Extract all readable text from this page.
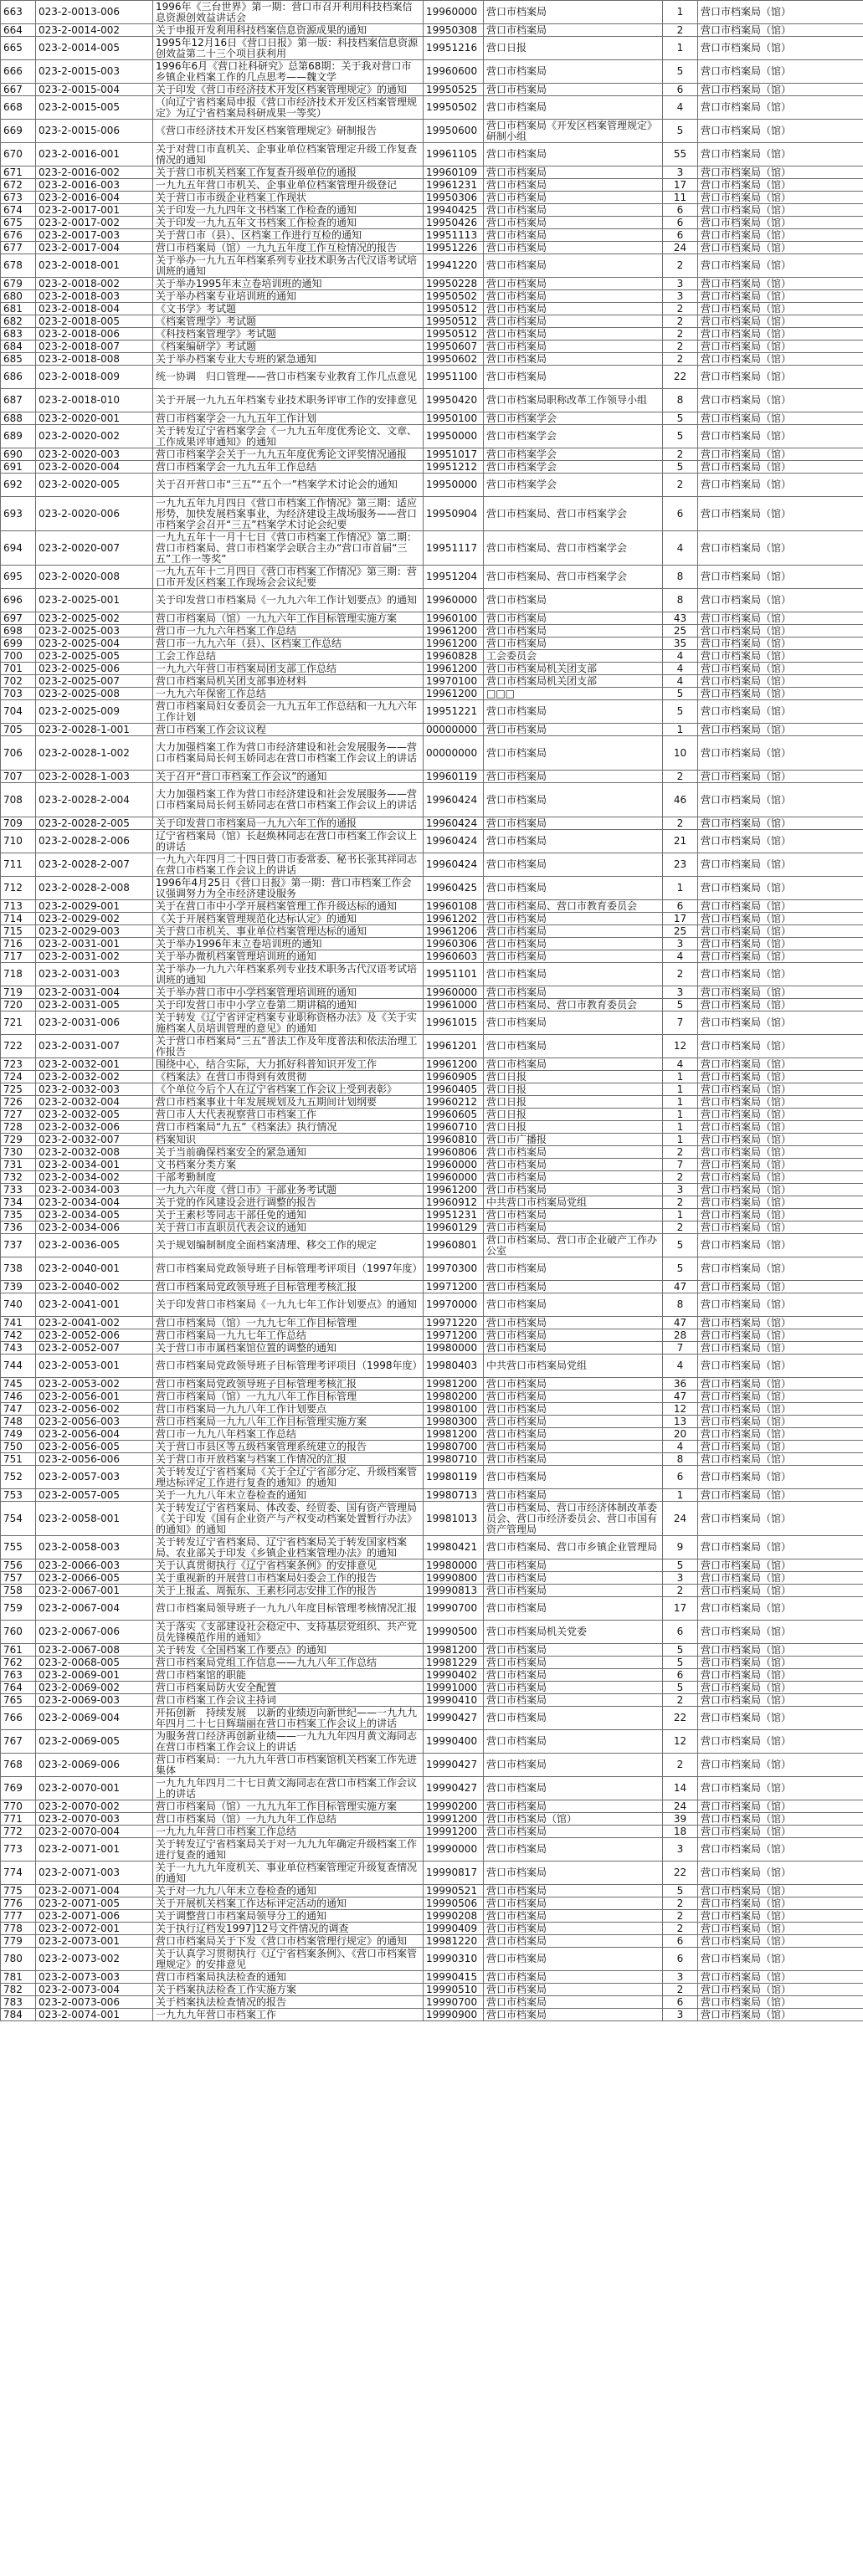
663	023-2-0013-006	1996年《三台世界》第一期：营口市召开利用科技档案信息资源创效益讲话会	19960000	营口市档案局	1	营口市档案局（馆）
664	023-2-0014-002	关于申报开发利用科技档案信息资源成果的通知	19950308	营口市档案局	2	营口市档案局（馆）
665	023-2-0014-005	1995年12月16日《营口日报》第一版：科技档案信息资源创效益第二十三个项目获利用	19951216	营口日报	1	营口市档案局（馆）
666	023-2-0015-003	1996年6月《营口社科研究》总第68期：关于我对营口市乡镇企业档案工作的几点思考——魏文学	19960600	营口市档案局	5	营口市档案局（馆）
667	023-2-0015-004	关于印发《营口市经济技术开发区档案管理规定》的通知	19950525	营口市档案局	6	营口市档案局（馆）
668	023-2-0015-005	（向辽宁省档案局申报《营口市经济技术开发区档案管理规定》为辽宁省档案局科研成果一等奖）	19950502	营口市档案局	4	营口市档案局（馆）
669	023-2-0015-006	《营口市经济技术开发区档案管理规定》研制报告	19950600	营口市档案局《开发区档案管理规定》研制小组	5	营口市档案局（馆）
670	023-2-0016-001	关于对营口市直机关、企事业单位档案管理定升级工作复查情况的通知	19961105	营口市档案局	55	营口市档案局（馆）
671	023-2-0016-002	关于营口市机关档案工作复查升级单位的通报	19960109	营口市档案局	3	营口市档案局（馆）
672	023-2-0016-003	一九九五年营口市机关、企事业单位档案管理升级登记	19961231	营口市档案局	17	营口市档案局（馆）
673	023-2-0016-004	关于营口市市级企业档案工作现状	19950306	营口市档案局	11	营口市档案局（馆）
674	023-2-0017-001	关于印发一九九四年文书档案工作检查的通知	19940425	营口市档案局	6	营口市档案局（馆）
675	023-2-0017-002	关于印发一九九五年文书档案工作检查的通知	19950426	营口市档案局	6	营口市档案局（馆）
676	023-2-0017-003	关于营口市（县）、区档案工作进行互检的通知	19951113	营口市档案局	6	营口市档案局（馆）
677	023-2-0017-004	营口市档案局（馆）一九九五年度工作互检情况的报告	19951226	营口市档案局	24	营口市档案局（馆）
678	023-2-0018-001	关于举办一九九五年档案系列专业技术职务古代汉语考试培训班的通知	19941220	营口市档案局	2	营口市档案局（馆）
679	023-2-0018-002	关于举办1995年末立卷培训班的通知	19950228	营口市档案局	3	营口市档案局（馆）
680	023-2-0018-003	关于举办档案专业培训班的通知	19950502	营口市档案局	3	营口市档案局（馆）
681	023-2-0018-004	《文书学》考试题	19950512	营口市档案局	2	营口市档案局（馆）
682	023-2-0018-005	《档案管理学》考试题	19950512	营口市档案局	2	营口市档案局（馆）
683	023-2-0018-006	《科技档案管理学》考试题	19950512	营口市档案局	2	营口市档案局（馆）
684	023-2-0018-007	《档案编研学》考试题	19950607	营口市档案局	2	营口市档案局（馆）
685	023-2-0018-008	关于举办档案专业大专班的紧急通知	19950602	营口市档案局	2	营口市档案局（馆）
686	023-2-0018-009	统一协调　归口管理——营口市档案专业教育工作几点意见	19951100	营口市档案局	22	营口市档案局（馆）
687	023-2-0018-010	关于开展一九九五年档案专业技术职务评审工作的安排意见	19950420	营口市档案局职称改革工作领导小组	8	营口市档案局（馆）
688	023-2-0020-001	营口市档案学会一九九五年工作计划	19950100	营口市档案学会	5	营口市档案局（馆）
689	023-2-0020-002	关于转发辽宁省档案学会《一九九五年度优秀论文、文章、工作成果评审通知》的通知	19950000	营口市档案学会	5	营口市档案局（馆）
690	023-2-0020-003	营口市档案学会关于一九九五年度优秀论文评奖情况通报	19951017	营口市档案学会	2	营口市档案局（馆）
691	023-2-0020-004	营口市档案学会一九九五年工作总结	19951212	营口市档案学会	5	营口市档案局（馆）
692	023-2-0020-005	关于召开营口市“三五”“五个一”档案学术讨论会的通知	19950000	营口市档案学会	2	营口市档案局（馆）
693	023-2-0020-006	一九九五年九月四日《营口市档案工作情况》第三期：适应形势，加快发展档案事业，为经济建设主战场服务——营口市档案学会召开“三五”档案学术讨论会纪要	19950904	营口市档案局、营口市档案学会	6	营口市档案局（馆）
694	023-2-0020-007	一九九五年十一月十七日《营口市档案工作情况》第二期：营口市档案局、营口市档案学会联合主办“营口市首届“三五”工作一等奖”	19951117	营口市档案局、营口市档案学会	4	营口市档案局（馆）
695	023-2-0020-008	一九九五年十二月四日《营口市档案工作情况》第三期：营口市开发区档案工作现场会会议纪要	19951204	营口市档案局、营口市档案学会	8	营口市档案局（馆）
696	023-2-0025-001	关于印发营口市档案局《一九九六年工作计划要点》的通知	19960000	营口市档案局	8	营口市档案局（馆）
697	023-2-0025-002	营口市档案局（馆）一九九六年工作目标管理实施方案	19960100	营口市档案局	43	营口市档案局（馆）
698	023-2-0025-003	营口市一九九六年档案工作总结	19961200	营口市档案局	25	营口市档案局（馆）
699	023-2-0025-004	营口市一九九六年（县）、区档案工作总结	19961200	营口市档案局	35	营口市档案局（馆）
700	023-2-0025-005	工会工作总结	19960828	工会委员会	4	营口市档案局（馆）
701	023-2-0025-006	一九九六年营口市档案局团支部工作总结	19961200	营口市档案局机关团支部	4	营口市档案局（馆）
702	023-2-0025-007	营口市档案局机关团支部事迹材料	19970100	营口市档案局机关团支部	4	营口市档案局（馆）
703	023-2-0025-008	一九九六年保密工作总结	19961200	□□□	5	营口市档案局（馆）
704	023-2-0025-009	营口市档案局妇女委员会一九九五年工作总结和一九九六年工作计划	19951221	营口市档案局	5	营口市档案局（馆）
705	023-2-0028-1-001	营口市档案工作会议议程	00000000	营口市档案局	1	营口市档案局（馆）
706	023-2-0028-1-002	大力加强档案工作为营口市经济建设和社会发展服务——营口市档案局局长何玉娇同志在营口市档案工作会议上的讲话	00000000	营口市档案局	10	营口市档案局（馆）
707	023-2-0028-1-003	关于召开“营口市档案工作会议”的通知	19960119	营口市档案局	2	营口市档案局（馆）
708	023-2-0028-2-004	大力加强档案工作为营口市经济建设和社会发展服务——营口市档案局局长何玉娇同志在营口市档案工作会议上的讲话	19960424	营口市档案局	46	营口市档案局（馆）
709	023-2-0028-2-005	关于印发营口市档案局一九九六年工作的通报	19960424	营口市档案局	2	营口市档案局（馆）
710	023-2-0028-2-006	辽宁省档案局（馆）长赵焕林同志在营口市档案工作会议上的讲话	19960424	营口市档案局	21	营口市档案局（馆）
711	023-2-0028-2-007	一九九六年四月二十四日营口市委常委、秘书长张其祥同志在营口市档案工作会议上的讲话	19960424	营口市档案局	23	营口市档案局（馆）
712	023-2-0028-2-008	1996年4月25日《营口日报》第一期：营口市档案工作会议强调努力为全市经济建设服务	19960425	营口市档案局	1	营口市档案局（馆）
713	023-2-0029-001	关于在营口市中小学开展档案管理工作升级达标的通知	19960108	营口市档案局、营口市教育委员会	6	营口市档案局（馆）
714	023-2-0029-002	《关于开展档案管理规范化达标认定》的通知	19961202	营口市档案局	17	营口市档案局（馆）
715	023-2-0029-003	关于营口市机关、事业单位档案管理达标的通知	19961206	营口市档案局	25	营口市档案局（馆）
716	023-2-0031-001	关于举办1996年末立卷培训班的通知	19960306	营口市档案局	3	营口市档案局（馆）
717	023-2-0031-002	关于举办微机档案管理培训班的通知	19960603	营口市档案局	4	营口市档案局（馆）
718	023-2-0031-003	关于举办一九九六年档案系列专业技术职务古代汉语考试培训班的通知	19951101	营口市档案局	2	营口市档案局（馆）
719	023-2-0031-004	关于举办营口市中小学档案管理培训班的通知	19960000	营口市档案局	3	营口市档案局（馆）
720	023-2-0031-005	关于印发营口市中小学立卷第二期讲稿的通知	19961000	营口市档案局、营口市教育委员会	5	营口市档案局（馆）
721	023-2-0031-006	关于转发《辽宁省评定档案专业职称资格办法》及《关于实施档案人员培训管理的意见》的通知	19961015	营口市档案局	7	营口市档案局（馆）
722	023-2-0031-007	关于营口市档案局“三五”普法工作及年度普法和依法治理工作报告	19961201	营口市档案局	12	营口市档案局（馆）
723	023-2-0032-001	围绕中心，结合实际，大力抓好科普知识开发工作	19961200	营口市档案局	4	营口市档案局（馆）
724	023-2-0032-002	《档案法》在营口市得到有效贯彻	19960905	营口日报	1	营口市档案局（馆）
725	023-2-0032-003	《个单位今后个人在辽宁省档案工作会议上受到表彰》	19960405	营口日报	1	营口市档案局（馆）
726	023-2-0032-004	营口市档案事业十年发展规划及九五期间计划纲要	19960212	营口日报	1	营口市档案局（馆）
727	023-2-0032-005	营口市人大代表视察营口市档案工作	19960605	营口日报	1	营口市档案局（馆）
728	023-2-0032-006	营口市档案局“九五”《档案法》执行情况	19960710	营口日报	1	营口市档案局（馆）
729	023-2-0032-007	档案知识	19960810	营口市广播报	1	营口市档案局（馆）
730	023-2-0032-008	关于当前确保档案安全的紧急通知	19960806	营口市档案局	2	营口市档案局（馆）
731	023-2-0034-001	文书档案分类方案	19960000	营口市档案局	7	营口市档案局（馆）
732	023-2-0034-002	干部考勤制度	19960000	营口市档案局	2	营口市档案局（馆）
733	023-2-0034-003	一九九六年度《营口市》干部业务考试题	19961200	营口市档案局	3	营口市档案局（馆）
734	023-2-0034-004	关于党的作风建设会进行调整的报告	19960912	中共营口市档案局党组	2	营口市档案局（馆）
735	023-2-0034-005	关于王素杉等同志干部任免的通知	19951231	营口市档案局	1	营口市档案局（馆）
736	023-2-0034-006	关于营口市直职员代表会议的通知	19960129	营口市档案局	2	营口市档案局（馆）
737	023-2-0036-005	关于规划编制制度全面档案清理、移交工作的规定	19960801	营口市档案局、营口市企业破产工作办公室	5	营口市档案局（馆）
738	023-2-0040-001	营口市档案局党政领导班子目标管理考评项目（1997年度）	19970300	营口市档案局	5	营口市档案局（馆）
739	023-2-0040-002	营口市档案局党政领导班子目标管理考核汇报	19971200	营口市档案局	47	营口市档案局（馆）
740	023-2-0041-001	关于印发营口市档案局《一九九七年工作计划要点》的通知	19970000	营口市档案局	8	营口市档案局（馆）
741	023-2-0041-002	营口市档案局（馆）一九九七年工作目标管理	19971220	营口市档案局	47	营口市档案局（馆）
742	023-2-0052-006	营口市档案局一九九七年工作总结	19971200	营口市档案局	28	营口市档案局（馆）
743	023-2-0052-007	关于营口市市属档案馆位置的调整的通知	19980000	营口市档案局	7	营口市档案局（馆）
744	023-2-0053-001	营口市档案局党政领导班子目标管理考评项目（1998年度）	19980403	中共营口市档案局党组	4	营口市档案局（馆）
745	023-2-0053-002	营口市档案局党政领导班子目标管理考核汇报	19981200	营口市档案局	36	营口市档案局（馆）
746	023-2-0056-001	营口市档案局（馆）一九九八年工作目标管理	19980200	营口市档案局	47	营口市档案局（馆）
747	023-2-0056-002	营口市档案局一九九八年工作计划要点	19980100	营口市档案局	12	营口市档案局（馆）
748	023-2-0056-003	营口市档案局一九九八年工作目标管理实施方案	19980300	营口市档案局	13	营口市档案局（馆）
749	023-2-0056-004	营口市一九九八年档案工作总结	19981200	营口市档案局	20	营口市档案局（馆）
750	023-2-0056-005	关于营口市县区等五级档案管理系统建立的报告	19980700	营口市档案局	4	营口市档案局（馆）
751	023-2-0056-006	关于营口市开放档案与档案工作情况的汇报	19980710	营口市档案局	8	营口市档案局（馆）
752	023-2-0057-003	关于转发辽宁省档案局《关于全辽宁省部分定、升级档案管理达标评定工作进行复查的通知》的通知	19980119	营口市档案局	6	营口市档案局（馆）
753	023-2-0057-005	关于一九九八年末立卷检查的通知	19980713	营口市档案局	1	营口市档案局（馆）
754	023-2-0058-001	关于转发辽宁省档案局、体改委、经贸委、国有资产管理局《关于印发《国有企业资产与产权变动档案处置暂行办法》的通知》的通知	19981013	营口市档案局、营口市经济体制改革委员会、营口市经济委员会、营口市国有资产管理局	24	营口市档案局（馆）
755	023-2-0058-003	关于转发辽宁省档案局、辽宁省档案局关于转发国家档案局、农业部关于印发《乡镇企业档案管理办法》的通知	19980421	营口市档案局、营口市乡镇企业管理局	9	营口市档案局（馆）
756	023-2-0066-003	关于认真贯彻执行《辽宁省档案条例》的安排意见	19980000	营口市档案局	5	营口市档案局（馆）
757	023-2-0066-005	关于重视新的开展营口市档案局妇委会工作的报告	19990800	营口市档案局	3	营口市档案局（馆）
758	023-2-0067-001	关于上报孟、周振东、王素杉同志安排工作的报告	19990813	营口市档案局	2	营口市档案局（馆）
759	023-2-0067-004	营口市档案局领导班子一九九八年度目标管理考核情况汇报	19990700	营口市档案局	17	营口市档案局（馆）
760	023-2-0067-006	关于落实《支部建设社会稳定中、支持基层党组织、共产党员先锋模范作用的通知》	19990500	营口市档案局机关党委	6	营口市档案局（馆）
761	023-2-0067-008	关于转发《全国档案工作要点》的通知	19981200	营口市档案局	5	营口市档案局（馆）
762	023-2-0068-005	营口市档案局党组工作信息——九九八年工作总结	19981229	营口市档案局	5	营口市档案局（馆）
763	023-2-0069-001	营口市档案馆的职能	19990402	营口市档案局	6	营口市档案局（馆）
764	023-2-0069-002	营口市档案局防火安全配置	19991000	营口市档案局	5	营口市档案局（馆）
765	023-2-0069-003	营口市档案工作会议主持词	19990410	营口市档案局	2	营口市档案局（馆）
766	023-2-0069-004	开拓创新　持续发展　以新的业绩迈向新世纪——一九九九年四月二十七日辉瑞丽在营口市档案工作会议上的讲话	19990427	营口市档案局	22	营口市档案局（馆）
767	023-2-0069-005	为服务营口经济再创新业绩——一九九九年四月黄文海同志在营口市档案工作会议上的讲话	19990400	营口市档案局	12	营口市档案局（馆）
768	023-2-0069-006	营口市档案局：一九九九年营口市档案馆机关档案工作先进集体	19990427	营口市档案局	2	营口市档案局（馆）
769	023-2-0070-001	一九九九年四月二十七日黄文海同志在营口市档案工作会议上的讲话	19990427	营口市档案局	14	营口市档案局（馆）
770	023-2-0070-002	营口市档案局（馆）一九九九年工作目标管理实施方案	19990200	营口市档案局	24	营口市档案局（馆）
771	023-2-0070-003	营口市档案局（馆）一九九九年工作总结	19991200	营口市档案局（馆）	39	营口市档案局（馆）
772	023-2-0070-004	一九九九年营口市档案工作总结	19991200	营口市档案局	18	营口市档案局（馆）
773	023-2-0071-001	关于转发辽宁省档案局关于对一九九九年确定升级档案工作进行复查的通知	19990000	营口市档案局	3	营口市档案局（馆）
774	023-2-0071-003	关于一九九九年度机关、事业单位档案管理定升级复查情况的通知	19990817	营口市档案局	22	营口市档案局（馆）
775	023-2-0071-004	关于对一九九八年末立卷检查的通知	19990521	营口市档案局	5	营口市档案局（馆）
776	023-2-0071-005	关于开展机关档案工作达标评定活动的通知	19990506	营口市档案局	2	营口市档案局（馆）
777	023-2-0071-006	关于调整营口市档案局领导分工的通知	19990208	营口市档案局	2	营口市档案局（馆）
778	023-2-0072-001	关于执行辽档发1997]12号文件情况的调查	19990409	营口市档案局	2	营口市档案局（馆）
779	023-2-0073-001	营口市档案局关于下发《营口市档案管理行规定》的通知	19981220	营口市档案局	6	营口市档案局（馆）
780	023-2-0073-002	关于认真学习贯彻执行《辽宁省档案条例》、《营口市档案管理规定》的安排意见	19990310	营口市档案局	6	营口市档案局（馆）
781	023-2-0073-003	营口市档案局执法检查的通知	19990415	营口市档案局	3	营口市档案局（馆）
782	023-2-0073-004	关于档案执法检查工作实施方案	19990510	营口市档案局	2	营口市档案局（馆）
783	023-2-0073-006	关于档案执法检查情况的报告	19990700	营口市档案局	6	营口市档案局（馆）
784	023-2-0074-001	一九九九年营口市档案工作	19990900	营口市档案局	3	营口市档案局（馆）
